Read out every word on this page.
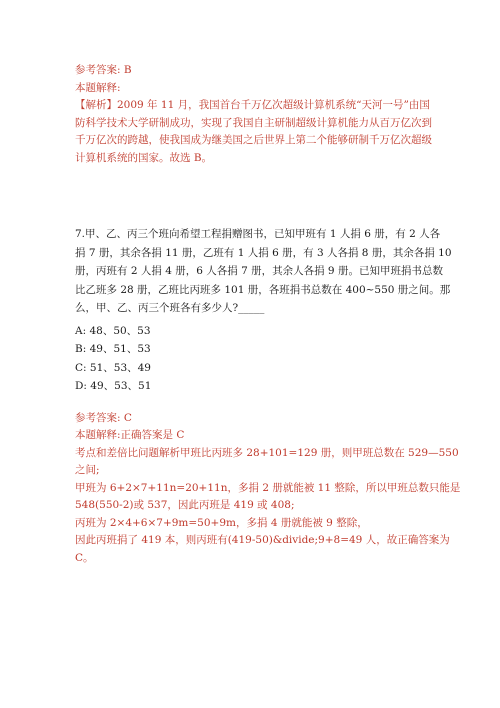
参考答案: B
本题解释:
【解析】2009 年 11 月，我国首台千万亿次超级计算机系统“天河一号”由国
防科学技术大学研制成功，实现了我国自主研制超级计算机能力从百万亿次到
千万亿次的跨越，使我国成为继美国之后世界上第二个能够研制千万亿次超级
计算机系统的国家。故选 B。
7.甲、乙、丙三个班向希望工程捐赠图书，已知甲班有 1 人捐 6 册，有 2 人各
捐 7 册，其余各捐 11 册，乙班有 1 人捐 6 册，有 3 人各捐 8 册，其余各捐 10
册，丙班有 2 人捐 4 册，6 人各捐 7 册，其余人各捐 9 册。已知甲班捐书总数
比乙班多 28 册，乙班比丙班多 101 册，各班捐书总数在 400~550 册之间。那
么，甲、乙、丙三个班各有多少人?_____
A: 48、50、53
B: 49、51、53
C: 51、53、49
D: 49、53、51
参考答案: C
本题解释:正确答案是 C
考点和差倍比问题解析甲班比丙班多 28+101=129 册，则甲班总数在 529—550
之间;
甲班为 6+2×7+11n=20+11n，多捐 2 册就能被 11 整除，所以甲班总数只能是
548(550-2)或 537，因此丙班是 419 或 408;
丙班为 2×4+6×7+9m=50+9m，多捐 4 册就能被 9 整除，
因此丙班捐了 419 本，则丙班有(419-50)&divide;9+8=49 人，故正确答案为
C。
